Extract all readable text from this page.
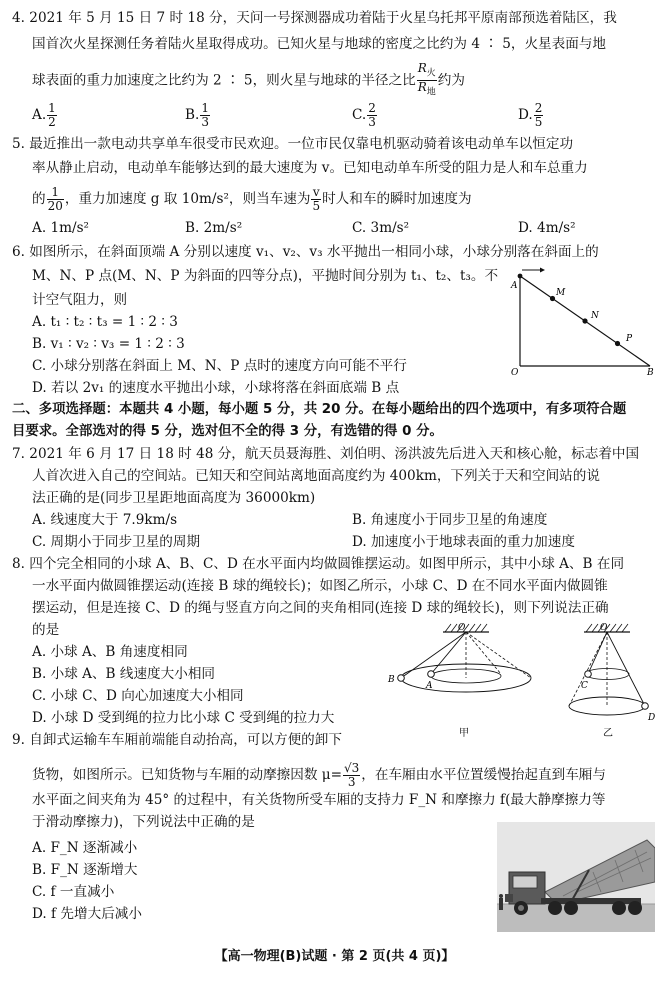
4. 2021 年 5 月 15 日 7 时 18 分，天问一号探测器成功着陆于火星乌托邦平原南部预选着陆区，我
国首次火星探测任务着陆火星取得成功。已知火星与地球的密度之比约为 4 ∶ 5，火星表面与地
球表面的重力加速度之比约为 2 ∶ 5，则火星与地球的半径之比 $\frac{R_火}{R_地}$ 约为
A. $\frac{1}{2}$	B. $\frac{1}{3}$	C. $\frac{2}{3}$	D. $\frac{2}{5}$
5. 最近推出一款电动共享单车很受市民欢迎。一位市民仅靠电机驱动骑着该电动单车以恒定功
率从静止启动，电动单车能够达到的最大速度为 v。已知电动单车所受的阻力是人和车总重力
的 $\frac{1}{20}$ ，重力加速度 g 取 10m/s²，则当车速为 $\frac{v}{5}$ 时人和车的瞬时加速度为
A. 1m/s²	B. 2m/s²	C. 3m/s²	D. 4m/s²
6. 如图所示，在斜面顶端 A 分别以速度 v₁、v₂、v₃ 水平抛出一相同小球，小球分别落在斜面上的
M、N、P 点(M、N、P 为斜面的四等分点)，平抛时间分别为 t₁、t₂、t₃。不
计空气阻力，则
A. t₁ ∶ t₂ ∶ t₃ = 1 ∶ 2 ∶ 3
B. v₁ ∶ v₂ ∶ v₃ = 1 ∶ 2 ∶ 3
C. 小球分别落在斜面上 M、N、P 点时的速度方向可能不平行
D. 若以 2v₁ 的速度水平抛出小球，小球将落在斜面底端 B 点
A
M
N
P
O	B
二、多项选择题：本题共 4 小题，每小题 5 分，共 20 分。在每小题给出的四个选项中，有多项符合题
目要求。全部选对的得 5 分，选对但不全的得 3 分，有选错的得 0 分。
7. 2021 年 6 月 17 日 18 时 48 分，航天员聂海胜、刘伯明、汤洪波先后进入天和核心舱，标志着中国
人首次进入自己的空间站。已知天和空间站离地面高度约为 400km，下列关于天和空间站的说
法正确的是(同步卫星距地面高度为 36000km)
A. 线速度大于 7.9km/s	B. 角速度小于同步卫星的角速度
C. 周期小于同步卫星的周期	D. 加速度小于地球表面的重力加速度
8. 四个完全相同的小球 A、B、C、D 在水平面内均做圆锥摆运动。如图甲所示，其中小球 A、B 在同
一水平面内做圆锥摆运动(连接 B 球的绳较长)；如图乙所示，小球 C、D 在不同水平面内做圆锥
摆运动，但是连接 C、D 的绳与竖直方向之间的夹角相同(连接 D 球的绳较长)，则下列说法正确
的是
A. 小球 A、B 角速度相同
B. 小球 A、B 线速度大小相同
C. 小球 C、D 向心加速度大小相同
D. 小球 D 受到绳的拉力比小球 C 受到绳的拉力大
O
B
A
甲
O
C
D
乙
9. 自卸式运输车车厢前端能自动抬高，可以方便的卸下
货物，如图所示。已知货物与车厢的动摩擦因数 $\mu= \frac{√3}{3}$ ，在车厢由水平位置缓慢抬起直到车厢与
水平面之间夹角为 45° 的过程中，有关货物所受车厢的支持力 F_N 和摩擦力 f(最大静摩擦力等
于滑动摩擦力)，下列说法中正确的是
A. F_N 逐渐减小
B. F_N 逐渐增大
C. f 一直减小
D. f 先增大后减小
【高一物理(B)试题 · 第 2 页(共 4 页)】
